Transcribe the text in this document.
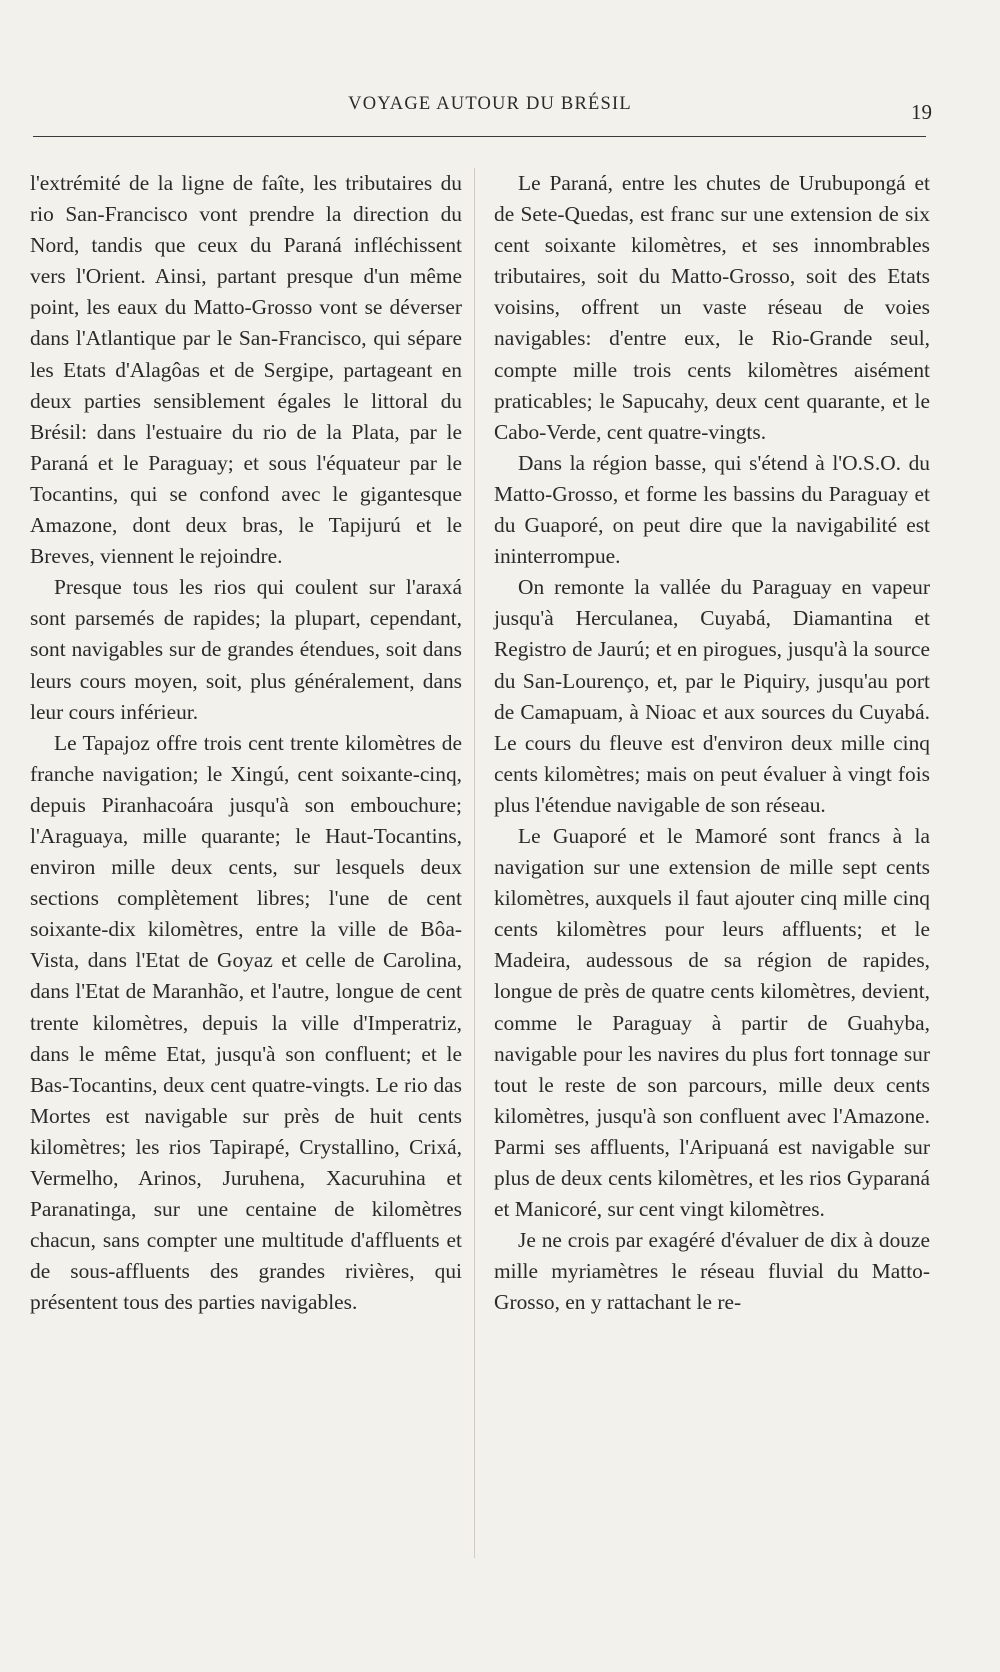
VOYAGE AUTOUR DU BRÉSIL	19

l'extrémité de la ligne de faîte, les tributaires du rio San-Francisco vont prendre la direction du Nord, tandis que ceux du Paraná infléchissent vers l'Orient. Ainsi, partant presque d'un même point, les eaux du Matto-Grosso vont se déverser dans l'Atlantique par le San-Francisco, qui sépare les Etats d'Alagôas et de Sergipe, partageant en deux parties sensiblement égales le littoral du Brésil: dans l'estuaire du rio de la Plata, par le Paraná et le Paraguay; et sous l'équateur par le Tocantins, qui se confond avec le gigantesque Amazone, dont deux bras, le Tapijurú et le Breves, viennent le rejoindre.

Presque tous les rios qui coulent sur l'araxá sont parsemés de rapides; la plupart, cependant, sont navigables sur de grandes étendues, soit dans leurs cours moyen, soit, plus généralement, dans leur cours inférieur.

Le Tapajoz offre trois cent trente kilomètres de franche navigation; le Xingú, cent soixante-cinq, depuis Piranhacoára jusqu'à son embouchure; l'Araguaya, mille quarante; le Haut-Tocantins, environ mille deux cents, sur lesquels deux sections complètement libres; l'une de cent soixante-dix kilomètres, entre la ville de Bôa-Vista, dans l'Etat de Goyaz et celle de Carolina, dans l'Etat de Maranhão, et l'autre, longue de cent trente kilomètres, depuis la ville d'Imperatriz, dans le même Etat, jusqu'à son confluent; et le Bas-Tocantins, deux cent quatre-vingts. Le rio das Mortes est navigable sur près de huit cents kilomètres; les rios Tapirapé, Crystallino, Crixá, Vermelho, Arinos, Juruhena, Xacuruhina et Paranatinga, sur une centaine de kilomètres chacun, sans compter une multitude d'affluents et de sous-affluents des grandes rivières, qui présentent tous des parties navigables.

Le Paraná, entre les chutes de Urubupongá et de Sete-Quedas, est franc sur une extension de six cent soixante kilomètres, et ses innombrables tributaires, soit du Matto-Grosso, soit des Etats voisins, offrent un vaste réseau de voies navigables: d'entre eux, le Rio-Grande seul, compte mille trois cents kilomètres aisément praticables; le Sapucahy, deux cent quarante, et le Cabo-Verde, cent quatre-vingts.

Dans la région basse, qui s'étend à l'O.S.O. du Matto-Grosso, et forme les bassins du Paraguay et du Guaporé, on peut dire que la navigabilité est ininterrompue.

On remonte la vallée du Paraguay en vapeur jusqu'à Herculanea, Cuyabá, Diamantina et Registro de Jaurú; et en pirogues, jusqu'à la source du San-Lourenço, et, par le Piquiry, jusqu'au port de Camapuam, à Nioac et aux sources du Cuyabá. Le cours du fleuve est d'environ deux mille cinq cents kilomètres; mais on peut évaluer à vingt fois plus l'étendue navigable de son réseau.

Le Guaporé et le Mamoré sont francs à la navigation sur une extension de mille sept cents kilomètres, auxquels il faut ajouter cinq mille cinq cents kilomètres pour leurs affluents; et le Madeira, audessous de sa région de rapides, longue de près de quatre cents kilomètres, devient, comme le Paraguay à partir de Guahyba, navigable pour les navires du plus fort tonnage sur tout le reste de son parcours, mille deux cents kilomètres, jusqu'à son confluent avec l'Amazone. Parmi ses affluents, l'Aripuaná est navigable sur plus de deux cents kilomètres, et les rios Gyparaná et Manicoré, sur cent vingt kilomètres.

Je ne crois par exagéré d'évaluer de dix à douze mille myriamètres le réseau fluvial du Matto-Grosso, en y rattachant le re-
